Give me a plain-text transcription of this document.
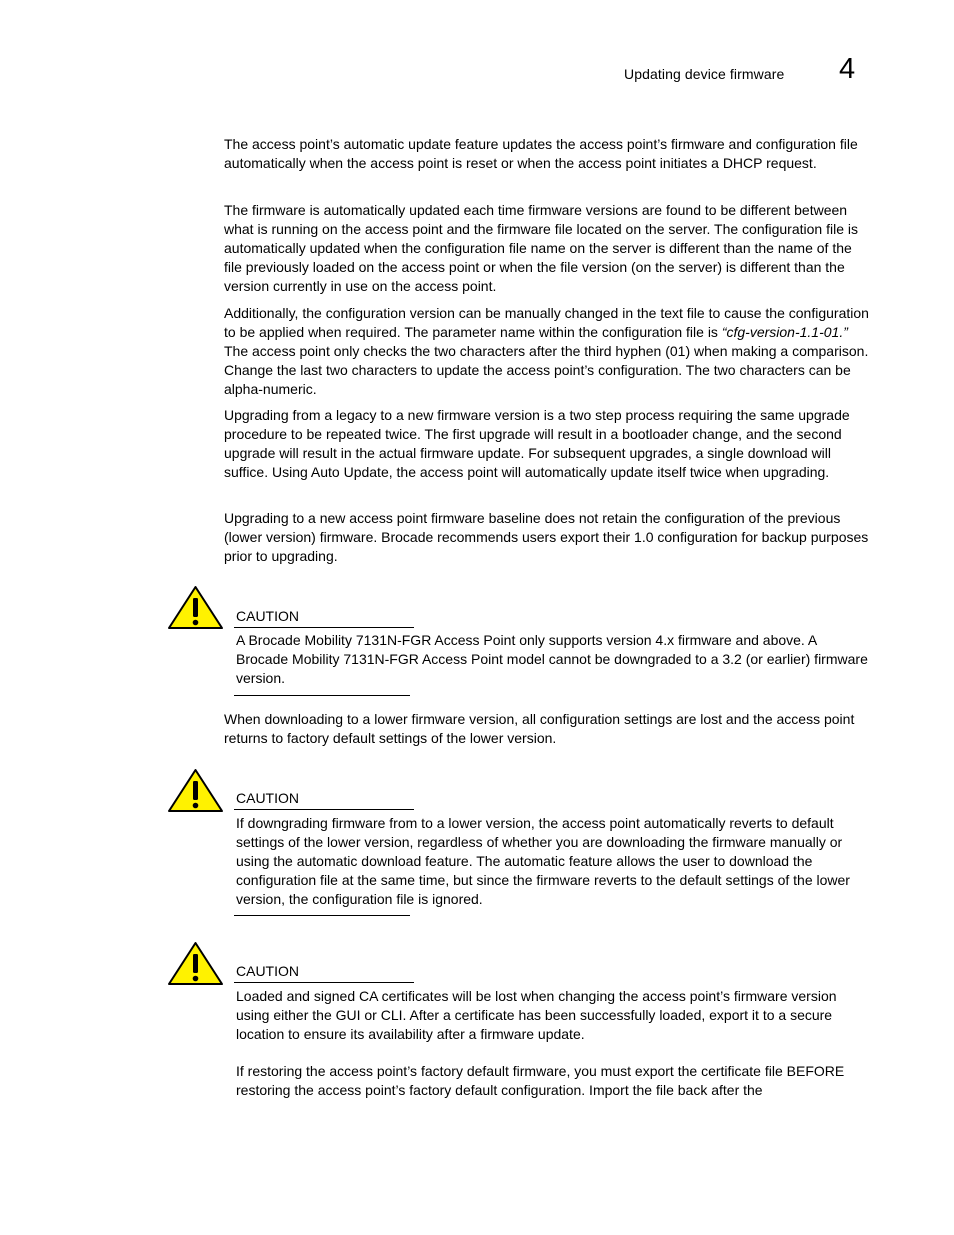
Updating device firmware 4

The access point’s automatic update feature updates the access point’s firmware and configuration file automatically when the access point is reset or when the access point initiates a DHCP request.

The firmware is automatically updated each time firmware versions are found to be different between what is running on the access point and the firmware file located on the server. The configuration file is automatically updated when the configuration file name on the server is different than the name of the file previously loaded on the access point or when the file version (on the server) is different than the version currently in use on the access point.

Additionally, the configuration version can be manually changed in the text file to cause the configuration to be applied when required. The parameter name within the configuration file is “cfg-version-1.1-01.” The access point only checks the two characters after the third hyphen (01) when making a comparison. Change the last two characters to update the access point’s configuration. The two characters can be alpha-numeric.

Upgrading from a legacy to a new firmware version is a two step process requiring the same upgrade procedure to be repeated twice. The first upgrade will result in a bootloader change, and the second upgrade will result in the actual firmware update. For subsequent upgrades, a single download will suffice. Using Auto Update, the access point will automatically update itself twice when upgrading.

Upgrading to a new access point firmware baseline does not retain the configuration of the previous (lower version) firmware. Brocade recommends users export their 1.0 configuration for backup purposes prior to upgrading.

CAUTION

A Brocade Mobility 7131N-FGR Access Point only supports version 4.x firmware and above. A Brocade Mobility 7131N-FGR Access Point model cannot be downgraded to a 3.2 (or earlier) firmware version.

When downloading to a lower firmware version, all configuration settings are lost and the access point returns to factory default settings of the lower version.

CAUTION

If downgrading firmware from to a lower version, the access point automatically reverts to default settings of the lower version, regardless of whether you are downloading the firmware manually or using the automatic download feature. The automatic feature allows the user to download the configuration file at the same time, but since the firmware reverts to the default settings of the lower version, the configuration file is ignored.

CAUTION

Loaded and signed CA certificates will be lost when changing the access point’s firmware version using either the GUI or CLI. After a certificate has been successfully loaded, export it to a secure location to ensure its availability after a firmware update.

If restoring the access point’s factory default firmware, you must export the certificate file BEFORE restoring the access point’s factory default configuration. Import the file back after the
